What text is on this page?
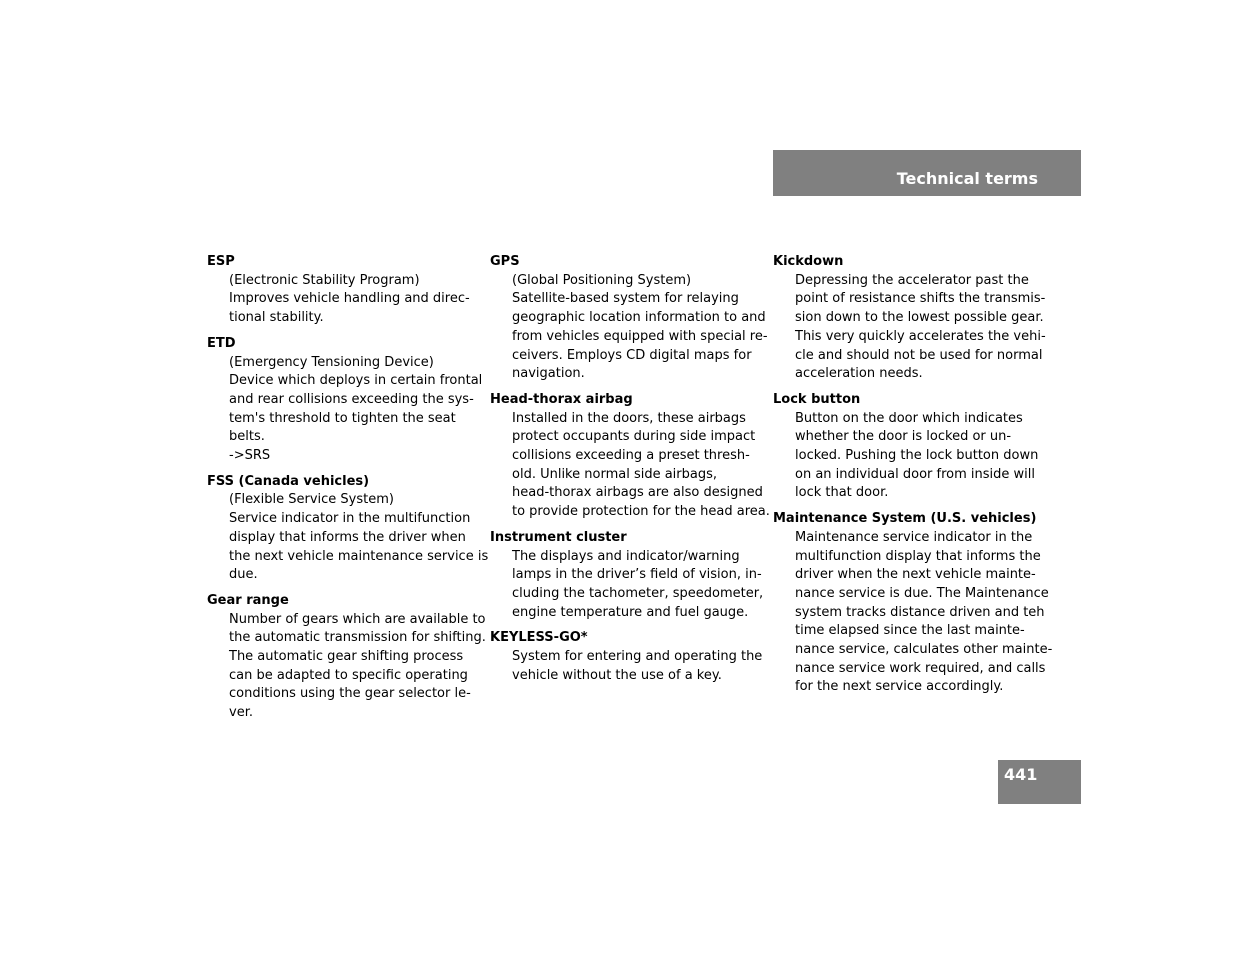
Technical terms

ESP

(Electronic Stability Program)

Improves vehicle handling and direc-

tional stability.

ETD

(Emergency Tensioning Device)

Device which deploys in certain frontal

and rear collisions exceeding the sys-

tem's threshold to tighten the seat

belts.

->SRS

FSS (Canada vehicles)

(Flexible Service System)

Service indicator in the multifunction

display that informs the driver when

the next vehicle maintenance service is

due.

Gear range

Number of gears which are available to

the automatic transmission for shifting.

The automatic gear shifting process

can be adapted to specific operating

conditions using the gear selector le-

ver.

GPS

(Global Positioning System)

Satellite-based system for relaying

geographic location information to and

from vehicles equipped with special re-

ceivers. Employs CD digital maps for

navigation.

Head-thorax airbag

Installed in the doors, these airbags

protect occupants during side impact

collisions exceeding a preset thresh-

old. Unlike normal side airbags,

head-thorax airbags are also designed

to provide protection for the head area.

Instrument cluster

The displays and indicator/warning

lamps in the driver’s field of vision, in-

cluding the tachometer, speedometer,

engine temperature and fuel gauge.

KEYLESS-GO*

System for entering and operating the

vehicle without the use of a key.

Kickdown

Depressing the accelerator past the

point of resistance shifts the transmis-

sion down to the lowest possible gear.

This very quickly accelerates the vehi-

cle and should not be used for normal

acceleration needs.

Lock button

Button on the door which indicates

whether the door is locked or un-

locked. Pushing the lock button down

on an individual door from inside will

lock that door.

Maintenance System (U.S. vehicles)

Maintenance service indicator in the

multifunction display that informs the

driver when the next vehicle mainte-

nance service is due. The Maintenance

system tracks distance driven and teh

time elapsed since the last mainte-

nance service, calculates other mainte-

nance service work required, and calls

for the next service accordingly.

441
